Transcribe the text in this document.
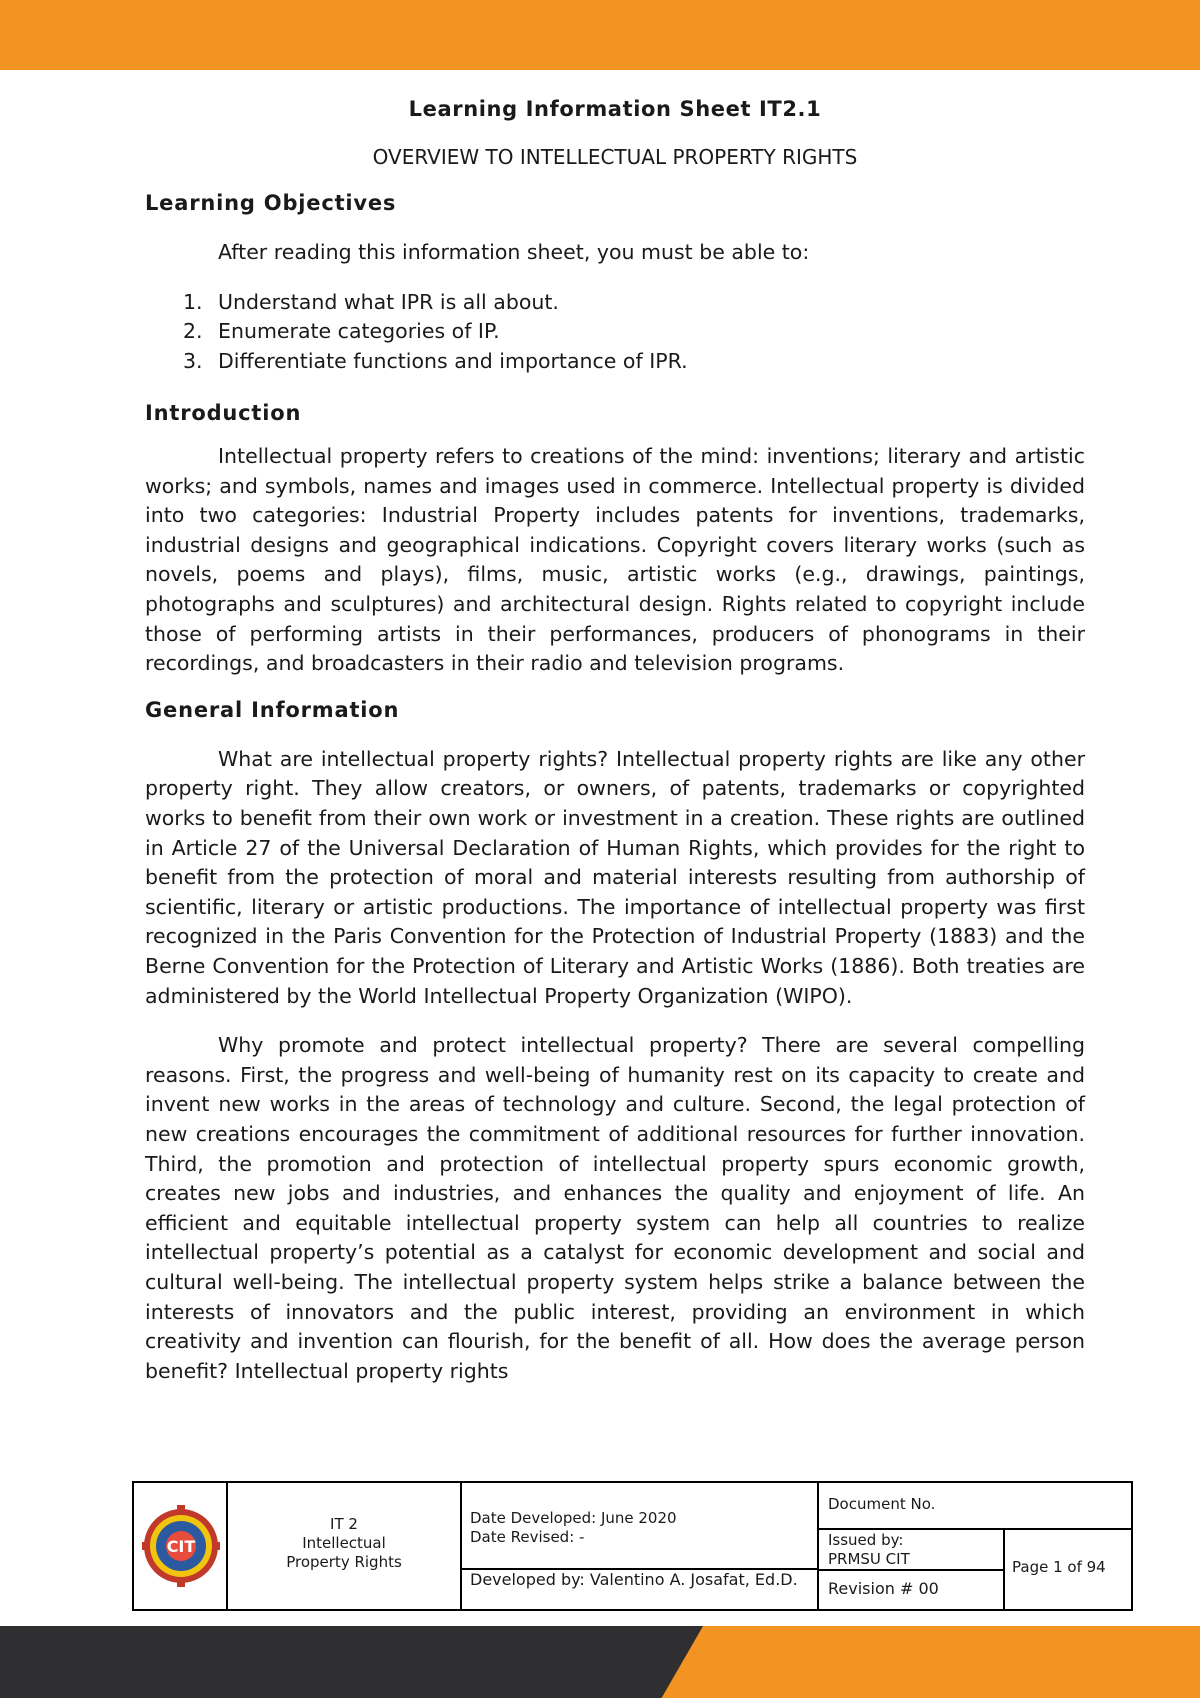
Learning Information Sheet IT2.1
OVERVIEW TO INTELLECTUAL PROPERTY RIGHTS
Learning Objectives

After reading this information sheet, you must be able to:

1. Understand what IPR is all about.
2. Enumerate categories of IP.
3. Differentiate functions and importance of IPR.
Introduction

Intellectual property refers to creations of the mind: inventions; literary and artistic works; and symbols, names and images used in commerce. Intellectual property is divided into two categories: Industrial Property includes patents for inventions, trademarks, industrial designs and geographical indications. Copyright covers literary works (such as novels, poems and plays), films, music, artistic works (e.g., drawings, paintings, photographs and sculptures) and architectural design. Rights related to copyright include those of performing artists in their performances, producers of phonograms in their recordings, and broadcasters in their radio and television programs.

General Information

What are intellectual property rights? Intellectual property rights are like any other property right. They allow creators, or owners, of patents, trademarks or copyrighted works to benefit from their own work or investment in a creation. These rights are outlined in Article 27 of the Universal Declaration of Human Rights, which provides for the right to benefit from the protection of moral and material interests resulting from authorship of scientific, literary or artistic productions. The importance of intellectual property was first recognized in the Paris Convention for the Protection of Industrial Property (1883) and the Berne Convention for the Protection of Literary and Artistic Works (1886). Both treaties are administered by the World Intellectual Property Organization (WIPO).

Why promote and protect intellectual property? There are several compelling reasons. First, the progress and well-being of humanity rest on its capacity to create and invent new works in the areas of technology and culture. Second, the legal protection of new creations encourages the commitment of additional resources for further innovation. Third, the promotion and protection of intellectual property spurs economic growth, creates new jobs and industries, and enhances the quality and enjoyment of life. An efficient and equitable intellectual property system can help all countries to realize intellectual property’s potential as a catalyst for economic development and social and cultural well-being. The intellectual property system helps strike a balance between the interests of innovators and the public interest, providing an environment in which creativity and invention can flourish, for the benefit of all. How does the average person benefit? Intellectual property rights

CIT
IT 2
Intellectual Property Rights
Date Developed: June 2020
Date Revised: -
Developed by: Valentino A. Josafat, Ed.D.
Document No.
Issued by: PRMSU CIT
Revision # 00
Page 1 of 94
